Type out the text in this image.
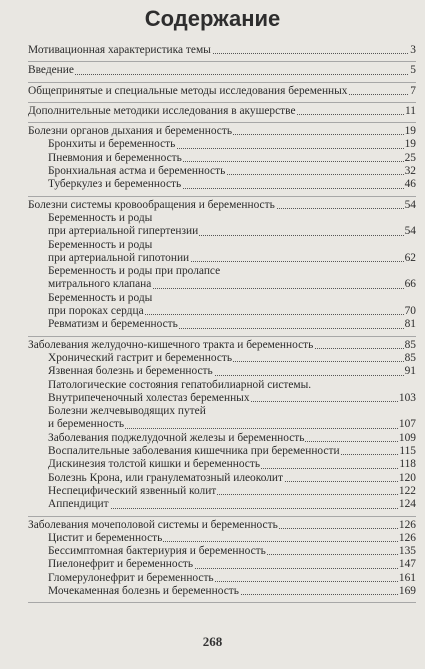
Содержание
Мотивационная характеристика темы	3
Введение	5
Общепринятые и специальные методы исследования беременных	7
Дополнительные методики исследования в акушерстве	11
Болезни органов дыхания и беременность	19
Бронхиты и беременность	19
Пневмония и беременность	25
Бронхиальная астма и беременность	32
Туберкулез и беременность	46
Болезни системы кровообращения и беременность	54
Беременность и роды
при артериальной гипертензии	54
Беременность и роды
при артериальной гипотонии	62
Беременность и роды при пролапсе
митрального клапана	66
Беременность и роды
при пороках сердца	70
Ревматизм и беременность	81
Заболевания желудочно-кишечного тракта и беременность	85
Хронический гастрит и беременность	85
Язвенная болезнь и беременность	91
Патологические состояния гепатобилиарной системы.
Внутрипеченочный холестаз беременных	103
Болезни желчевыводящих путей
и беременность	107
Заболевания поджелудочной железы и беременность	109
Воспалительные заболевания кишечника при беременности	115
Дискинезия толстой кишки и беременность	118
Болезнь Крона, или гранулематозный илеоколит	120
Неспецифический язвенный колит	122
Аппендицит	124
Заболевания мочеполовой системы и беременность	126
Цистит и беременность	126
Бессимптомная бактериурия и беременность	135
Пиелонефрит и беременность	147
Гломерулонефрит и беременность	161
Мочекаменная болезнь и беременность	169
268
